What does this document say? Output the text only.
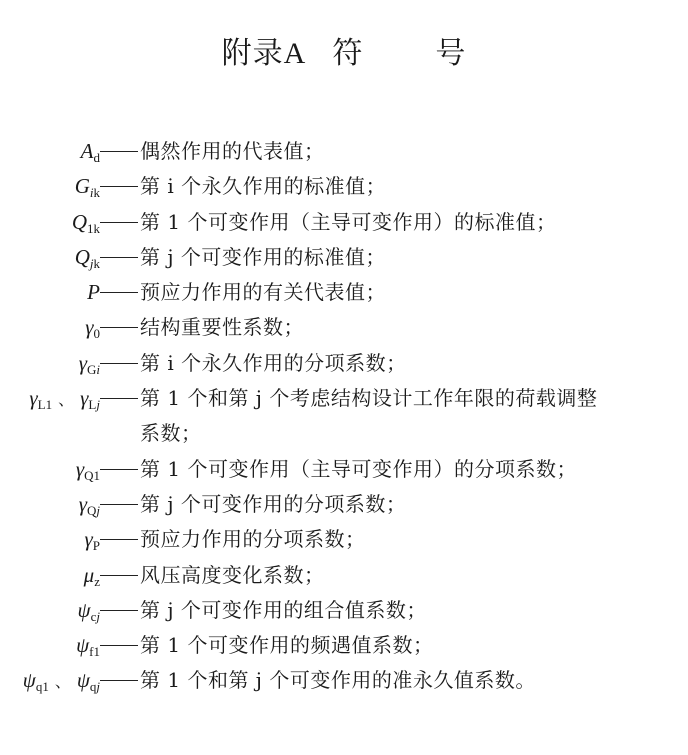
附录A 符 号
$A_d$ 偶然作用的代表值；
$G_{ik}$ 第 i 个永久作用的标准值；
$Q_{1k}$ 第 1 个可变作用（主导可变作用）的标准值；
$Q_{jk}$ 第 j 个可变作用的标准值；
P 预应力作用的有关代表值；
$\gamma_0$ 结构重要性系数；
$\gamma_{Gi}$ 第 i 个永久作用的分项系数；
$\gamma_{L1}$ 、 $\gamma_{Lj}$ 第 1 个和第 j 个考虑结构设计工作年限的荷载调整
系数；
$\gamma_{Q1}$ 第 1 个可变作用（主导可变作用）的分项系数；
$\gamma_{Qj}$ 第 j 个可变作用的分项系数；
$\gamma_P$ 预应力作用的分项系数；
$\mu_z$ 风压高度变化系数；
$\psi_{cj}$ 第 j 个可变作用的组合值系数；
$\psi_{f1}$ 第 1 个可变作用的频遇值系数；
$\psi_{q1}$ 、 $\psi_{qj}$ 第 1 个和第 j 个可变作用的准永久值系数。
